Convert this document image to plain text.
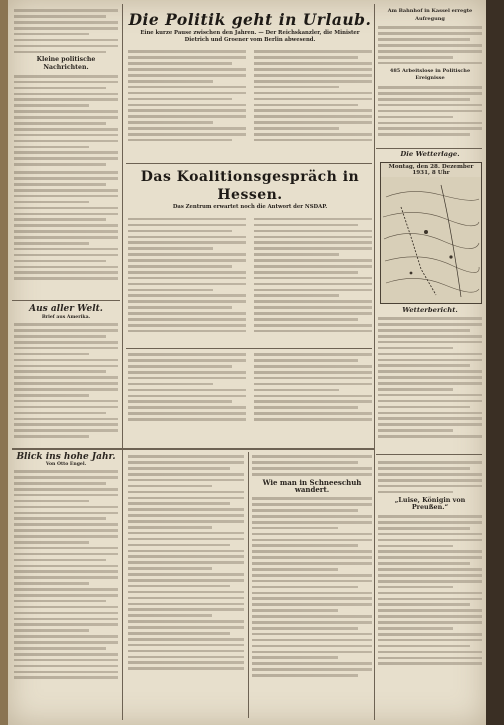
Kleine politische Nachrichten.
Aus aller Welt.
Brief aus Amerika.
Die Politik geht in Urlaub.
Eine kurze Pause zwischen den Jahren. — Der Reichskanzler, die Minister Dietrich und Groener vom Berlin abwesend.
Das Koalitionsgespräch in Hessen.
Das Zentrum erwartet noch die Antwort der NSDAP.
Blick ins hohe Jahr.
Von Otto Engel.
Wie man in Schneeschuh wandert.
Am Bahnhof in Kassel erregte Aufregung
485 Arbeitslose in Politische Ereignisse
Die Wetterlage.
Montag, den 28. Dezember 1931, 8 Uhr
Wetterbericht.
„Luise, Königin von Preußen.“
